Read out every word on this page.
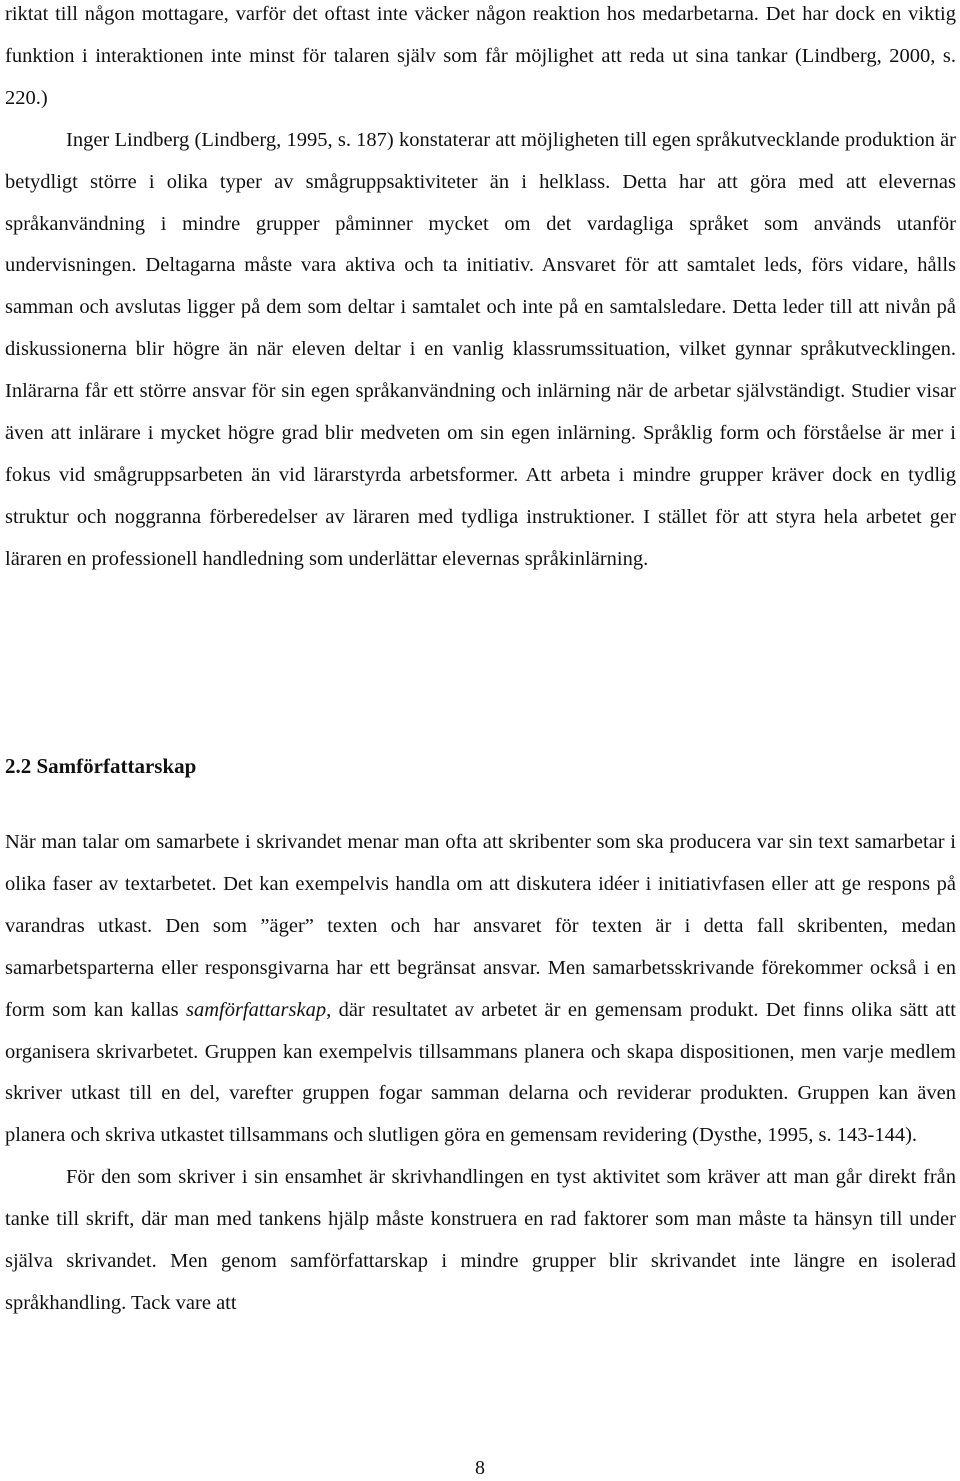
riktat till någon mottagare, varför det oftast inte väcker någon reaktion hos medarbetarna. Det har dock en viktig funktion i interaktionen inte minst för talaren själv som får möjlighet att reda ut sina tankar (Lindberg, 2000, s. 220.)

Inger Lindberg (Lindberg, 1995, s. 187) konstaterar att möjligheten till egen språkutvecklande produktion är betydligt större i olika typer av smågruppsaktiviteter än i helklass. Detta har att göra med att elevernas språkanvändning i mindre grupper påminner mycket om det vardagliga språket som används utanför undervisningen. Deltagarna måste vara aktiva och ta initiativ. Ansvaret för att samtalet leds, förs vidare, hålls samman och avslutas ligger på dem som deltar i samtalet och inte på en samtalsledare. Detta leder till att nivån på diskussionerna blir högre än när eleven deltar i en vanlig klassrumssituation, vilket gynnar språkutvecklingen. Inlärarna får ett större ansvar för sin egen språkanvändning och inlärning när de arbetar självständigt. Studier visar även att inlärare i mycket högre grad blir medveten om sin egen inlärning. Språklig form och förståelse är mer i fokus vid smågruppsarbeten än vid lärarstyrda arbetsformer. Att arbeta i mindre grupper kräver dock en tydlig struktur och noggranna förberedelser av läraren med tydliga instruktioner. I stället för att styra hela arbetet ger läraren en professionell handledning som underlättar elevernas språkinlärning.

2.2 Samförfattarskap

När man talar om samarbete i skrivandet menar man ofta att skribenter som ska producera var sin text samarbetar i olika faser av textarbetet. Det kan exempelvis handla om att diskutera idéer i initiativfasen eller att ge respons på varandras utkast. Den som ”äger” texten och har ansvaret för texten är i detta fall skribenten, medan samarbetsparterna eller responsgivarna har ett begränsat ansvar. Men samarbetsskrivande förekommer också i en form som kan kallas samförfattarskap, där resultatet av arbetet är en gemensam produkt. Det finns olika sätt att organisera skrivarbetet. Gruppen kan exempelvis tillsammans planera och skapa dispositionen, men varje medlem skriver utkast till en del, varefter gruppen fogar samman delarna och reviderar produkten. Gruppen kan även planera och skriva utkastet tillsammans och slutligen göra en gemensam revidering (Dysthe, 1995, s. 143-144).

För den som skriver i sin ensamhet är skrivhandlingen en tyst aktivitet som kräver att man går direkt från tanke till skrift, där man med tankens hjälp måste konstruera en rad faktorer som man måste ta hänsyn till under själva skrivandet. Men genom samförfattarskap i mindre grupper blir skrivandet inte längre en isolerad språkhandling. Tack vare att

8
